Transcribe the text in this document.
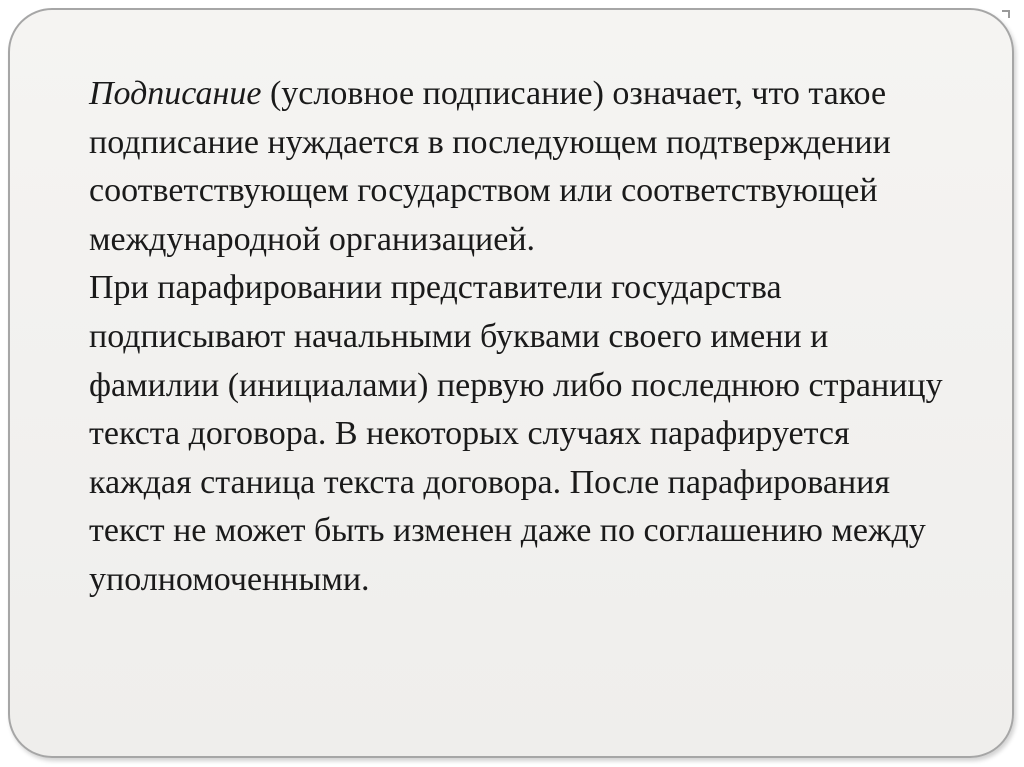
Подписание (условное подписание) означает, что такое подписание нуждается в последующем подтверждении соответствующем государством или соответствующей международной организацией.

При парафировании представители государства подписывают начальными буквами своего имени и фамилии (инициалами) первую либо последнюю страницу текста договора. В некоторых случаях парафируется каждая станица текста договора. После парафирования текст не может быть изменен даже по соглашению между уполномоченными.
